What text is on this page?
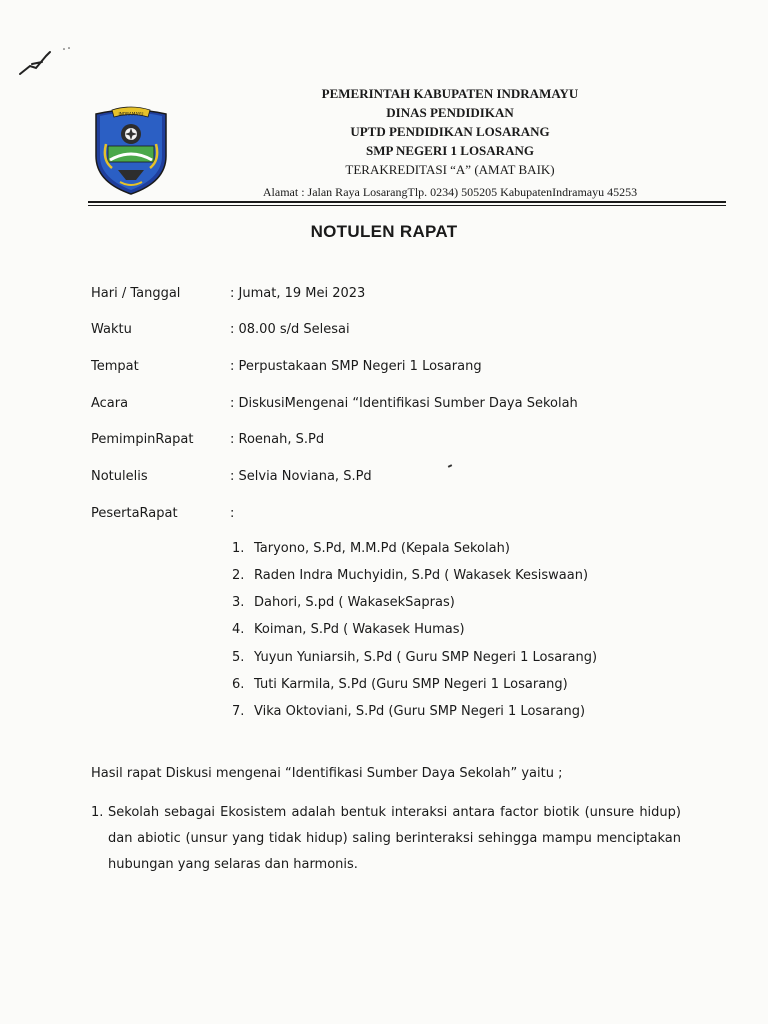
INDRAMAYU
PEMERINTAH KABUPATEN INDRAMAYU
DINAS PENDIDIKAN
UPTD PENDIDIKAN LOSARANG
SMP NEGERI 1 LOSARANG
TERAKREDITASI “A” (AMAT BAIK)
Alamat : Jalan Raya LosarangTlp. 0234) 505205 KabupatenIndramayu 45253
NOTULEN RAPAT
Hari / Tanggal	: Jumat, 19 Mei 2023
Waktu	: 08.00 s/d Selesai
Tempat	: Perpustakaan SMP Negeri 1 Losarang
Acara	: DiskusiMengenai “Identifikasi Sumber Daya Sekolah
PemimpinRapat	: Roenah, S.Pd
Notulelis	: Selvia Noviana, S.Pd
PesertaRapat	:
1. Taryono, S.Pd, M.M.Pd (Kepala Sekolah)
2. Raden Indra Muchyidin, S.Pd ( Wakasek Kesiswaan)
3. Dahori, S.pd ( WakasekSapras)
4. Koiman, S.Pd ( Wakasek Humas)
5. Yuyun Yuniarsih, S.Pd ( Guru SMP Negeri 1 Losarang)
6. Tuti Karmila, S.Pd (Guru SMP Negeri 1 Losarang)
7. Vika Oktoviani, S.Pd (Guru SMP Negeri 1 Losarang)
Hasil rapat Diskusi mengenai “Identifikasi Sumber Daya Sekolah” yaitu ;
1. Sekolah sebagai Ekosistem adalah bentuk interaksi antara factor biotik (unsure hidup) dan abiotic (unsur yang tidak hidup) saling berinteraksi sehingga mampu menciptakan hubungan yang selaras dan harmonis.
